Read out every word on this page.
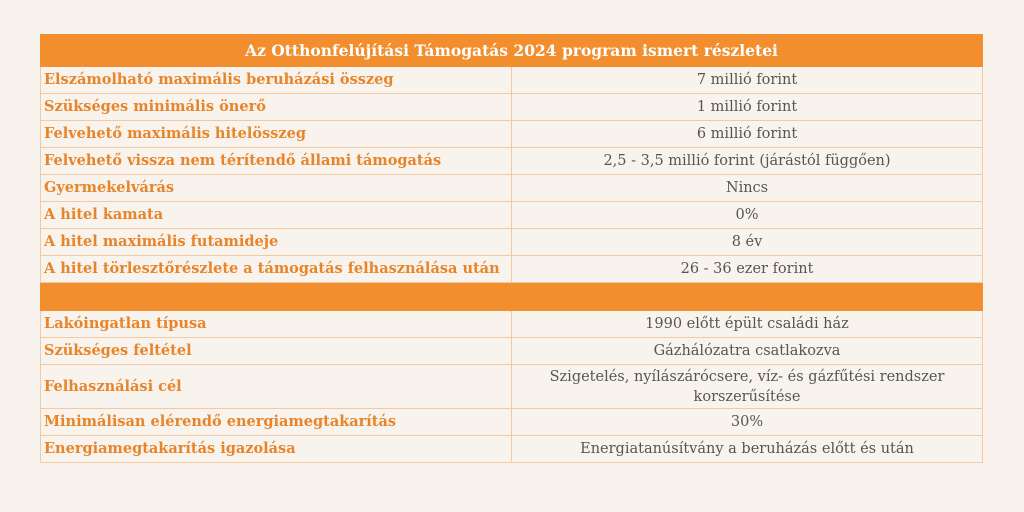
Az Otthonfelújítási Támogatás 2024 program ismert részletei	
Elszámolható maximális beruházási összeg	7 millió forint
Szükséges minimális önerő	1 millió forint
Felvehető maximális hitelösszeg	6 millió forint
Felvehető vissza nem térítendő állami támogatás	2,5 - 3,5 millió forint (járástól függően)
Gyermekelvárás	Nincs
A hitel kamata	0%
A hitel maximális futamideje	8 év
A hitel törlesztőrészlete a támogatás felhasználása után	26 - 36 ezer forint

Lakóingatlan típusa	1990 előtt épült családi ház
Szükséges feltétel	Gázhálózatra csatlakozva
Felhasználási cél	Szigetelés, nyílászárócsere, víz- és gázfűtési rendszer
korszerűsítése

Minimálisan elérendő energiamegtakarítás	30%
Energiamegtakarítás igazolása	Energiatanúsítvány a beruházás előtt és után
